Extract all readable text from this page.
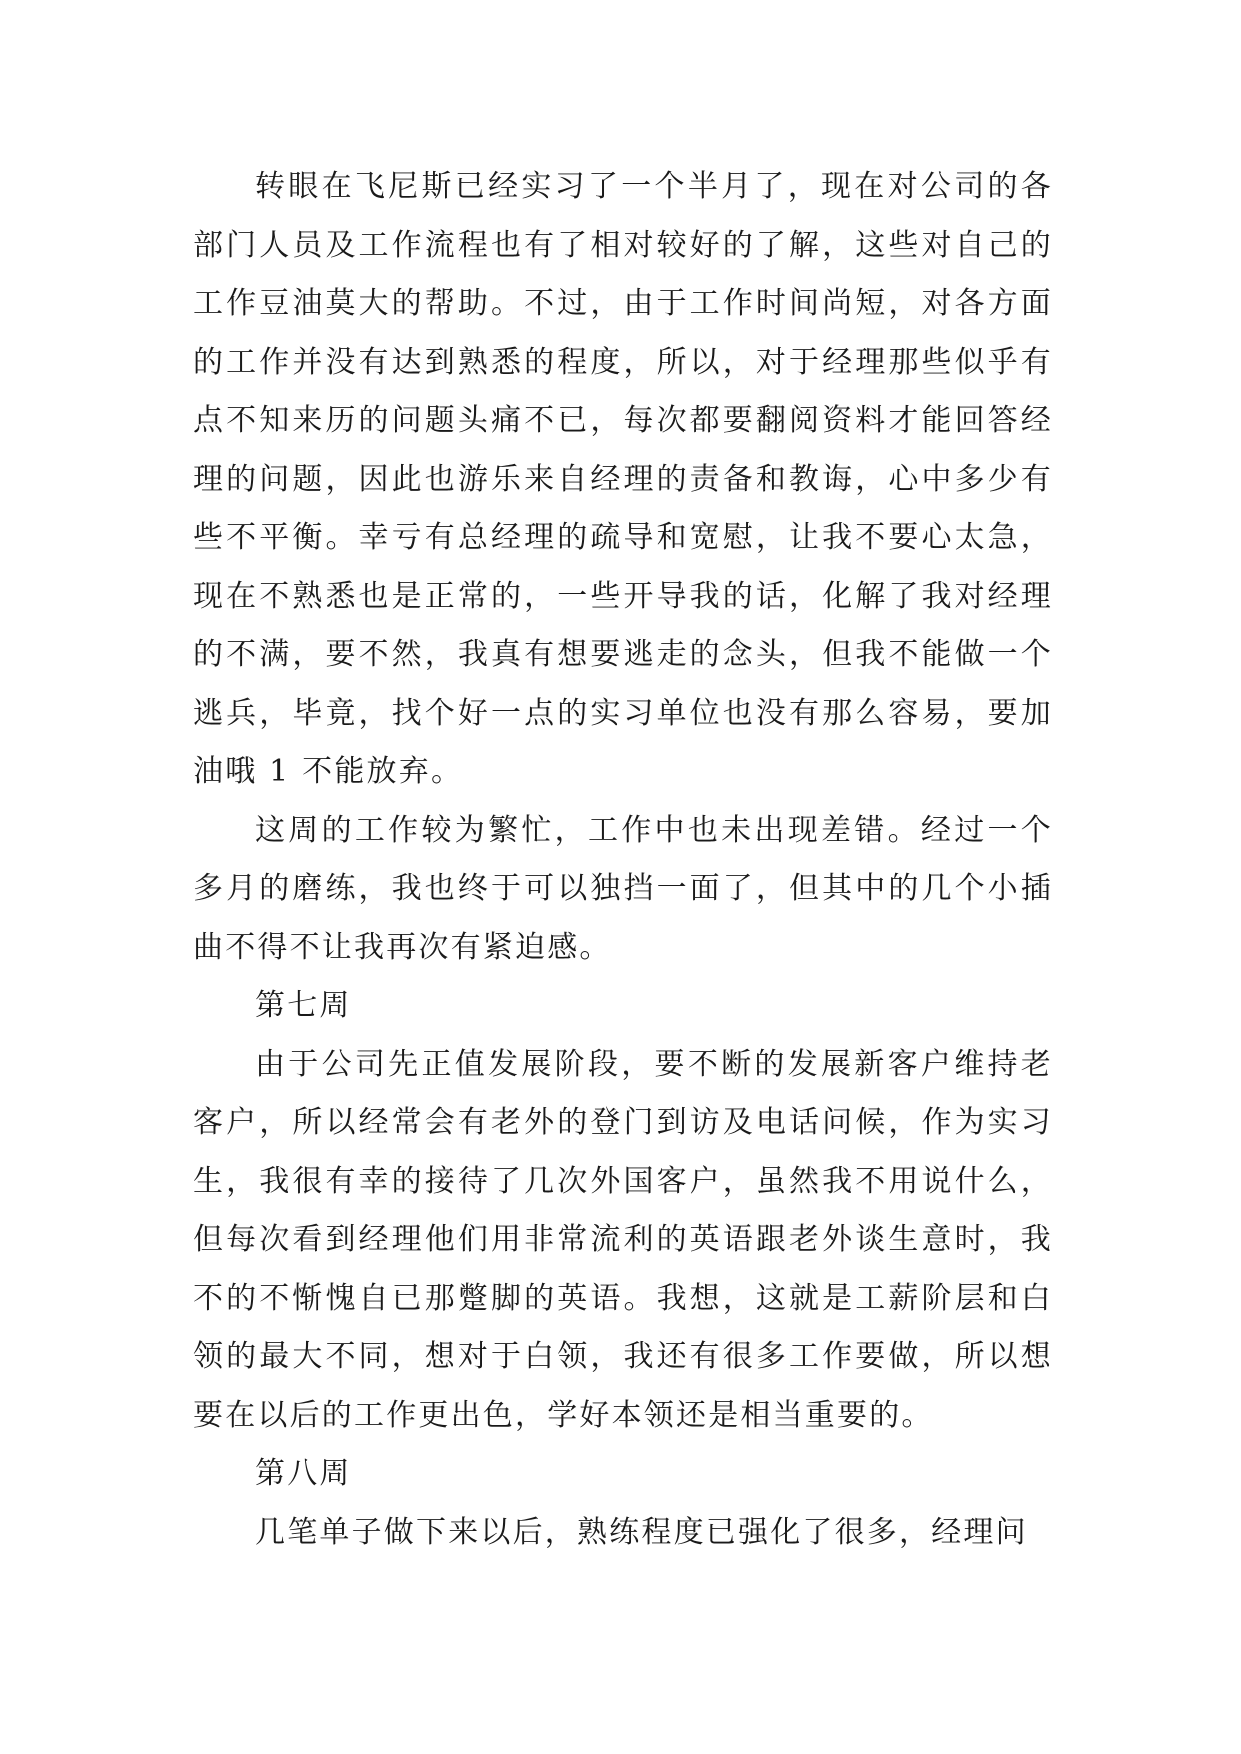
转眼在飞尼斯已经实习了一个半月了，现在对公司的各部门人员及工作流程也有了相对较好的了解，这些对自己的工作豆油莫大的帮助。不过，由于工作时间尚短，对各方面的工作并没有达到熟悉的程度，所以，对于经理那些似乎有点不知来历的问题头痛不已，每次都要翻阅资料才能回答经理的问题，因此也游乐来自经理的责备和教诲，心中多少有些不平衡。幸亏有总经理的疏导和宽慰，让我不要心太急，现在不熟悉也是正常的，一些开导我的话，化解了我对经理的不满，要不然，我真有想要逃走的念头，但我不能做一个逃兵，毕竟，找个好一点的实习单位也没有那么容易，要加油哦 1 不能放弃。

这周的工作较为繁忙，工作中也未出现差错。经过一个多月的磨练，我也终于可以独挡一面了，但其中的几个小插曲不得不让我再次有紧迫感。

第七周

由于公司先正值发展阶段，要不断的发展新客户维持老客户，所以经常会有老外的登门到访及电话问候，作为实习生，我很有幸的接待了几次外国客户，虽然我不用说什么，但每次看到经理他们用非常流利的英语跟老外谈生意时，我不的不惭愧自已那蹩脚的英语。我想，这就是工薪阶层和白领的最大不同，想对于白领，我还有很多工作要做，所以想要在以后的工作更出色，学好本领还是相当重要的。

第八周

几笔单子做下来以后，熟练程度已强化了很多，经理问
